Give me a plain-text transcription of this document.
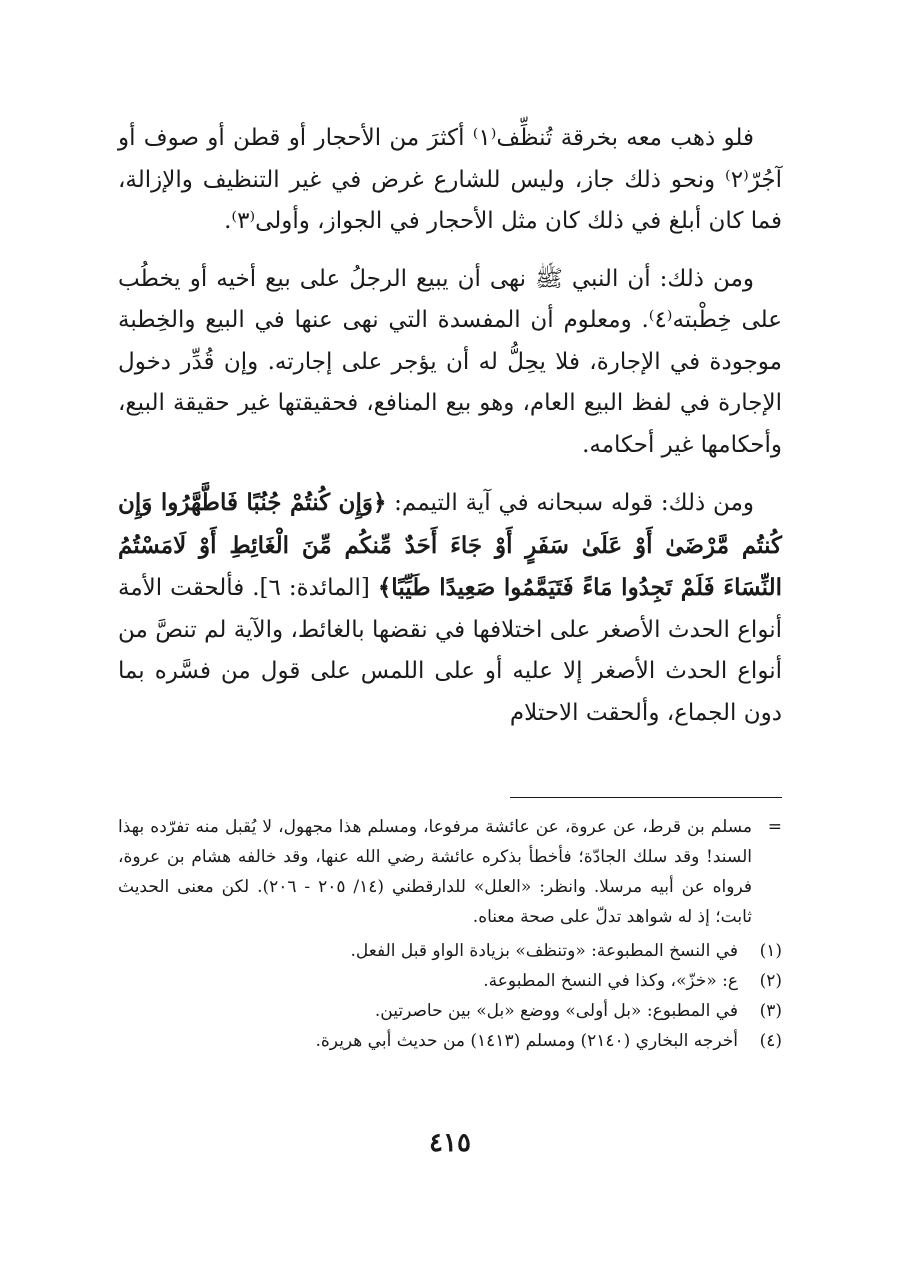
فلو ذهب معه بخرقة تُنظِّف⁽١⁾ أكثرَ من الأحجار أو قطن أو صوف أو آجُرّ⁽٢⁾ ونحو ذلك جاز، وليس للشارع غرض في غير التنظيف والإزالة، فما كان أبلغ في ذلك كان مثل الأحجار في الجواز، وأولى⁽٣⁾.

ومن ذلك: أن النبي ﷺ نهى أن يبيع الرجلُ على بيع أخيه أو يخطُب على خِطْبته⁽٤⁾. ومعلوم أن المفسدة التي نهى عنها في البيع والخِطبة موجودة في الإجارة، فلا يحِلُّ له أن يؤجر على إجارته. وإن قُدِّر دخول الإجارة في لفظ البيع العام، وهو بيع المنافع، فحقيقتها غير حقيقة البيع، وأحكامها غير أحكامه.

ومن ذلك: قوله سبحانه في آية التيمم: ﴿وَإِن كُنتُمْ جُنُبًا فَاطَّهَّرُوا وَإِن كُنتُم مَّرْضَىٰ أَوْ عَلَىٰ سَفَرٍ أَوْ جَاءَ أَحَدٌ مِّنكُم مِّنَ الْغَائِطِ أَوْ لَامَسْتُمُ النِّسَاءَ فَلَمْ تَجِدُوا مَاءً فَتَيَمَّمُوا صَعِيدًا طَيِّبًا﴾ [المائدة: ٦]. فألحقت الأمة أنواع الحدث الأصغر على اختلافها في نقضها بالغائط، والآية لم تنصَّ من أنواع الحدث الأصغر إلا عليه أو على اللمس على قول من فسَّره بما دون الجماع، وألحقت الاحتلام

=
مسلم بن قرط، عن عروة، عن عائشة مرفوعا، ومسلم هذا مجهول، لا يُقبل منه تفرّده بهذا السند! وقد سلك الجادّة؛ فأخطأ بذكره عائشة رضي الله عنها، وقد خالفه هشام بن عروة، فرواه عن أبيه مرسلا. وانظر: «العلل» للدارقطني (١٤/ ٢٠٥ - ٢٠٦). لكن معنى الحديث ثابت؛ إذ له شواهد تدلّ على صحة معناه.
(١)
في النسخ المطبوعة: «وتنظف» بزيادة الواو قبل الفعل.
(٢)
ع: «خزّ»، وكذا في النسخ المطبوعة.
(٣)
في المطبوع: «بل أولى» ووضع «بل» بين حاصرتين.
(٤)
أخرجه البخاري (٢١٤٠) ومسلم (١٤١٣) من حديث أبي هريرة.
٤١٥
